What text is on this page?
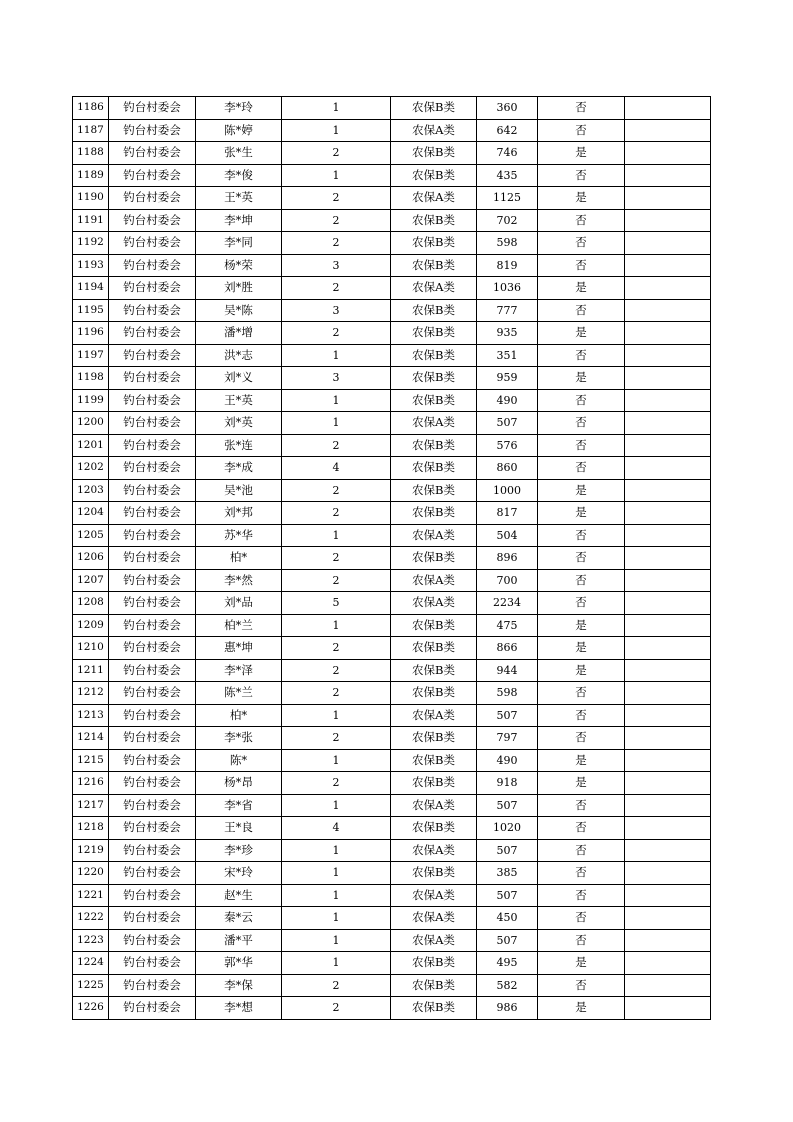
1186	钓台村委会	李*玲	1	农保B类	360	否	
1187	钓台村委会	陈*婷	1	农保A类	642	否	
1188	钓台村委会	张*生	2	农保B类	746	是	
1189	钓台村委会	李*俊	1	农保B类	435	否	
1190	钓台村委会	王*英	2	农保A类	1125	是	
1191	钓台村委会	李*坤	2	农保B类	702	否	
1192	钓台村委会	李*同	2	农保B类	598	否	
1193	钓台村委会	杨*荣	3	农保B类	819	否	
1194	钓台村委会	刘*胜	2	农保A类	1036	是	
1195	钓台村委会	吴*陈	3	农保B类	777	否	
1196	钓台村委会	潘*增	2	农保B类	935	是	
1197	钓台村委会	洪*志	1	农保B类	351	否	
1198	钓台村委会	刘*义	3	农保B类	959	是	
1199	钓台村委会	王*英	1	农保B类	490	否	
1200	钓台村委会	刘*英	1	农保A类	507	否	
1201	钓台村委会	张*连	2	农保B类	576	否	
1202	钓台村委会	李*成	4	农保B类	860	否	
1203	钓台村委会	吴*池	2	农保B类	1000	是	
1204	钓台村委会	刘*邦	2	农保B类	817	是	
1205	钓台村委会	苏*华	1	农保A类	504	否	
1206	钓台村委会	柏*	2	农保B类	896	否	
1207	钓台村委会	李*然	2	农保A类	700	否	
1208	钓台村委会	刘*品	5	农保A类	2234	否	
1209	钓台村委会	柏*兰	1	农保B类	475	是	
1210	钓台村委会	惠*坤	2	农保B类	866	是	
1211	钓台村委会	李*泽	2	农保B类	944	是	
1212	钓台村委会	陈*兰	2	农保B类	598	否	
1213	钓台村委会	柏*	1	农保A类	507	否	
1214	钓台村委会	李*张	2	农保B类	797	否	
1215	钓台村委会	陈*	1	农保B类	490	是	
1216	钓台村委会	杨*昂	2	农保B类	918	是	
1217	钓台村委会	李*省	1	农保A类	507	否	
1218	钓台村委会	王*良	4	农保B类	1020	否	
1219	钓台村委会	李*珍	1	农保A类	507	否	
1220	钓台村委会	宋*玲	1	农保B类	385	否	
1221	钓台村委会	赵*生	1	农保A类	507	否	
1222	钓台村委会	秦*云	1	农保A类	450	否	
1223	钓台村委会	潘*平	1	农保A类	507	否	
1224	钓台村委会	郭*华	1	农保B类	495	是	
1225	钓台村委会	李*保	2	农保B类	582	否	
1226	钓台村委会	李*想	2	农保B类	986	是	
